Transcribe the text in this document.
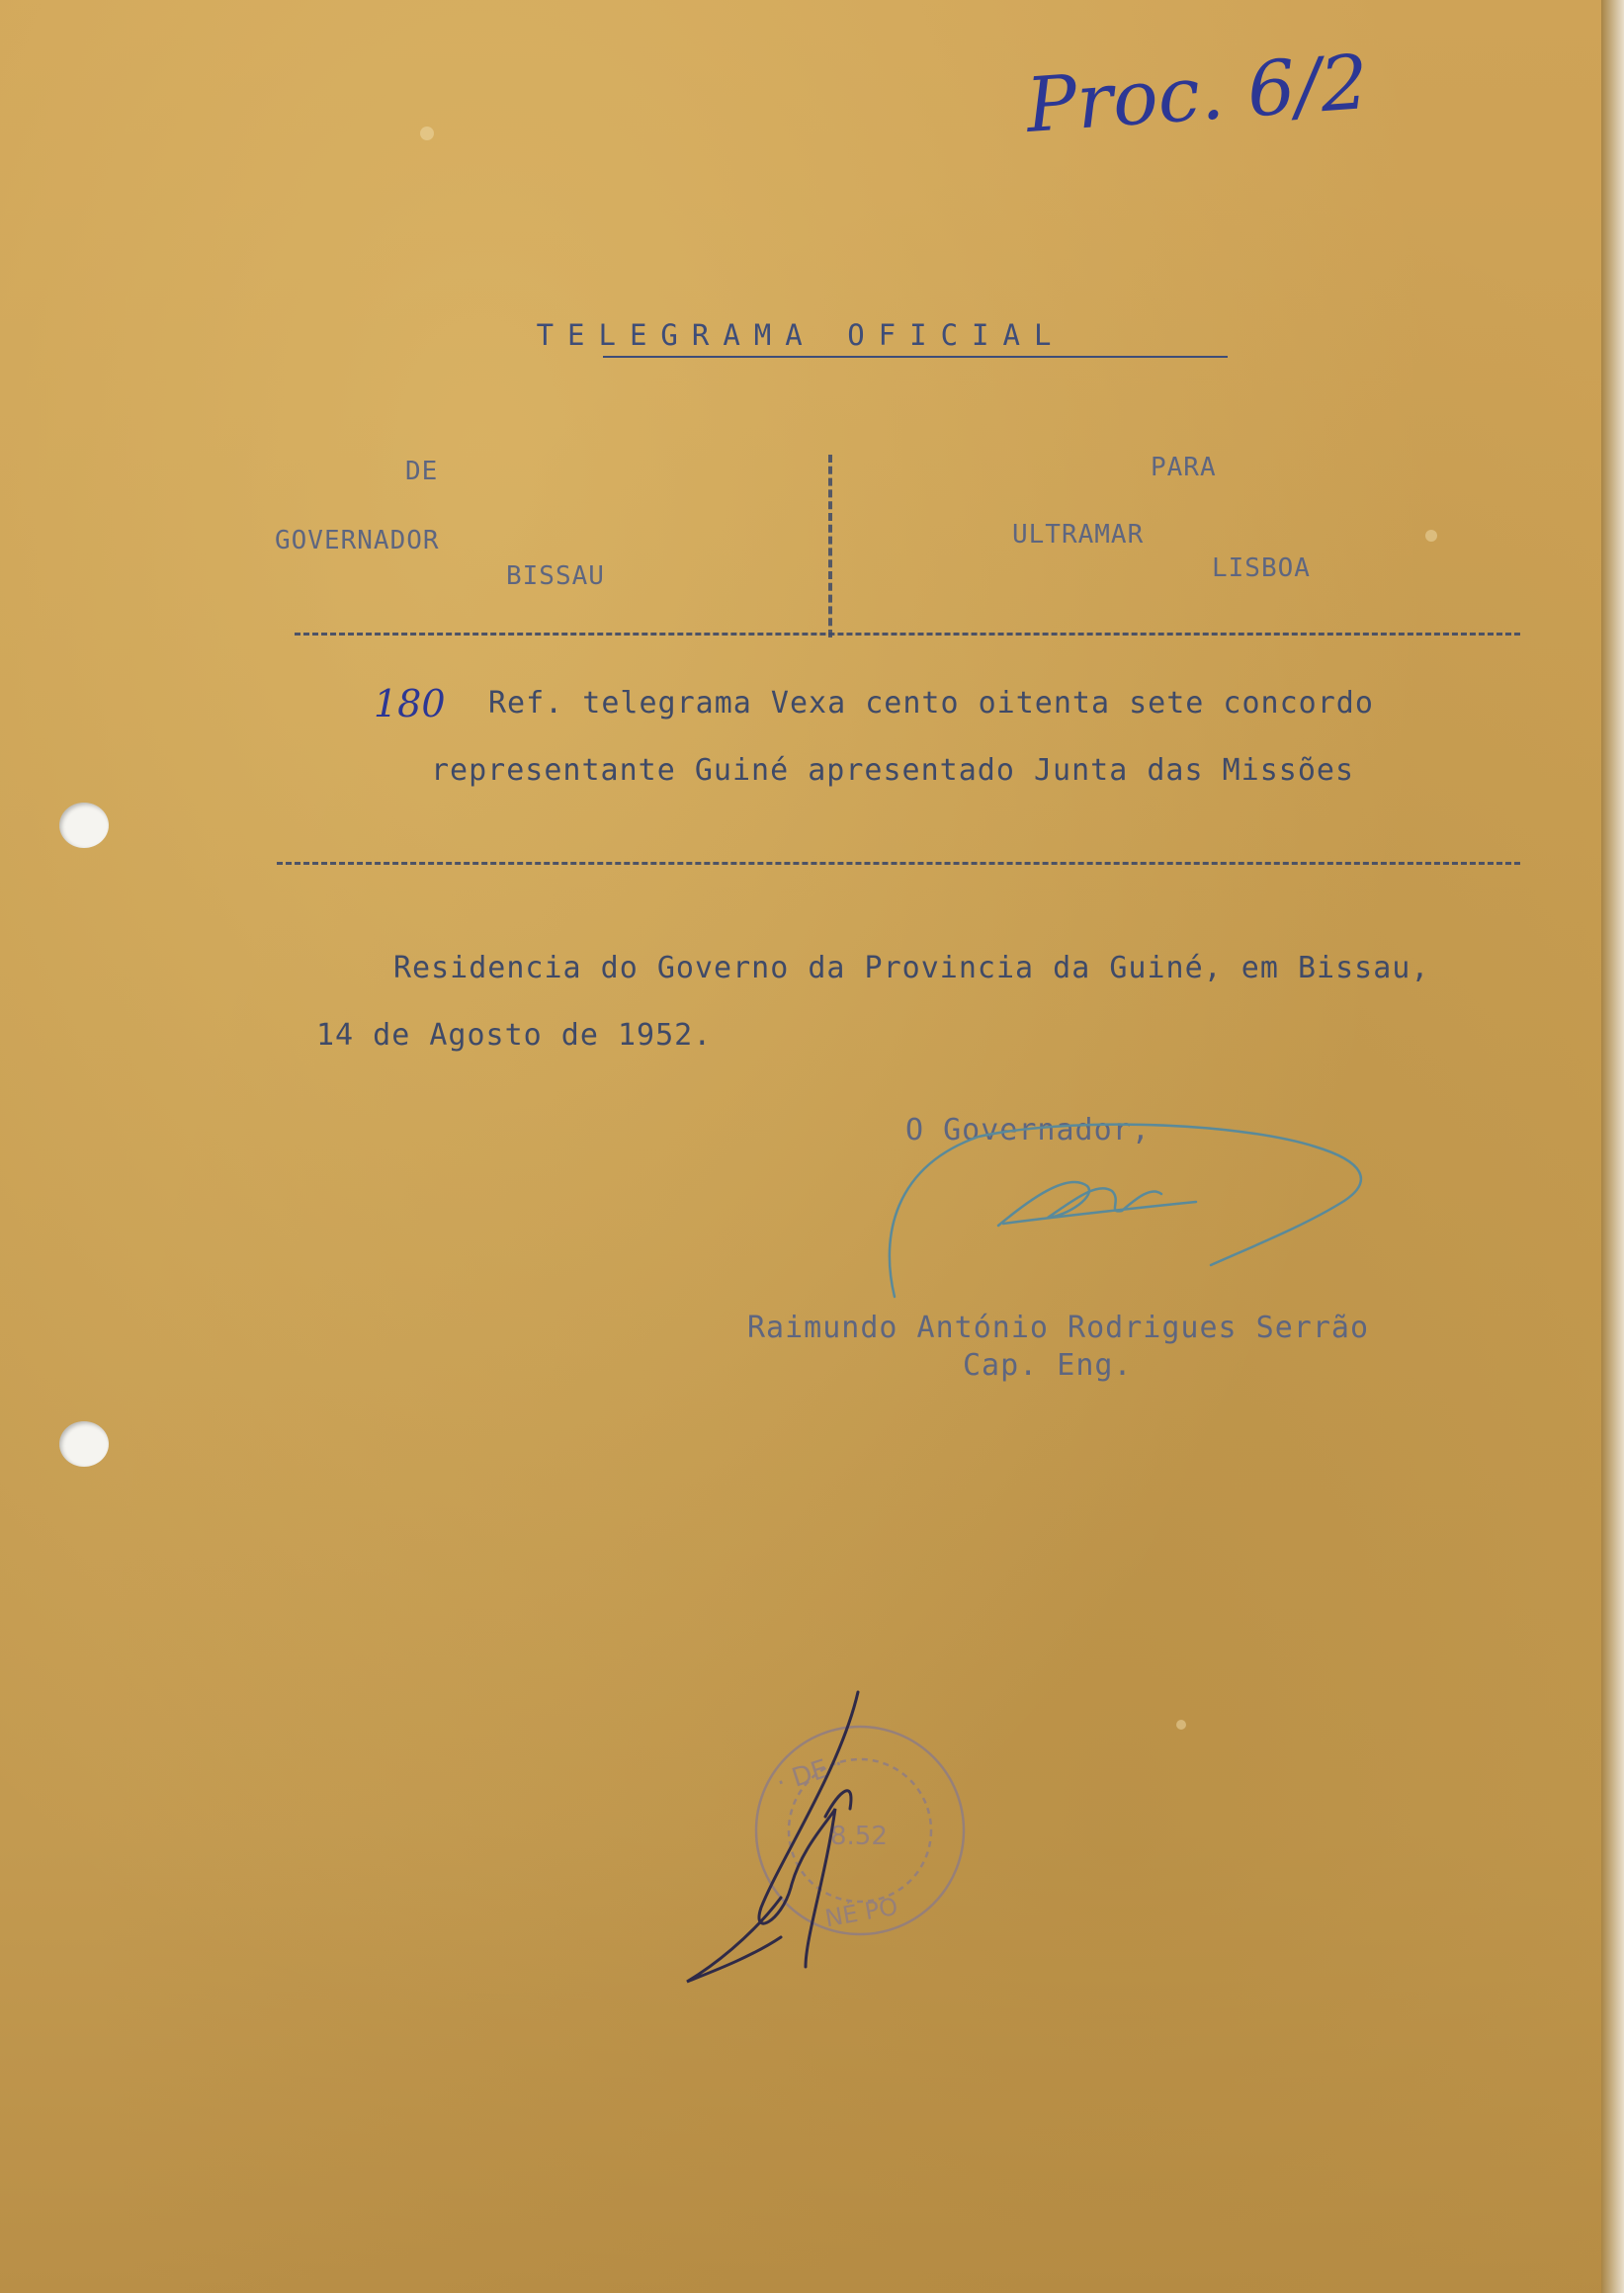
Proc. 6/2
TELEGRAMA OFICIAL
DE
GOVERNADOR
BISSAU
PARA
ULTRAMAR
LISBOA
180 Ref. telegrama Vexa cento oitenta sete concordo
representante Guiné apresentado Junta das Missões
Residencia do Governo da Provincia da Guiné, em Bissau,
14 de Agosto de 1952.
O Governador,
Raimundo António Rodrigues Serrão
Cap. Eng.
· DE ·
8.52
NÉ PO
